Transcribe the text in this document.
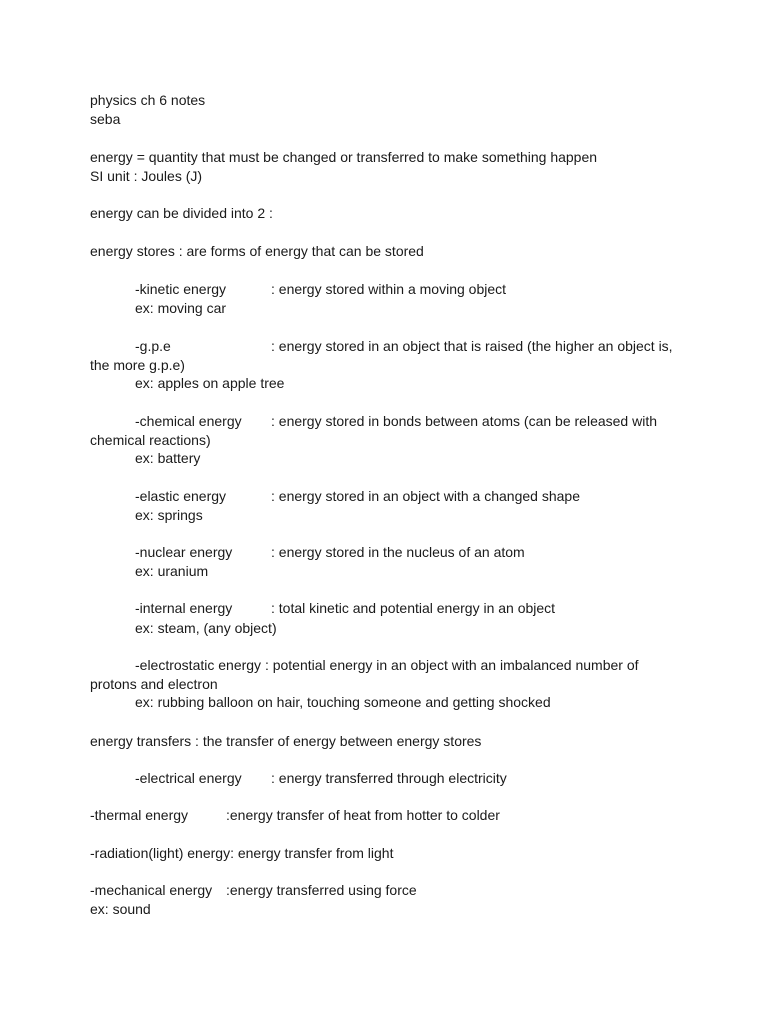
physics ch 6 notes
seba
energy = quantity that must be changed or transferred to make something happen
SI unit : Joules (J)
energy can be divided into 2 :
energy stores : are forms of energy that can be stored
-kinetic energy	: energy stored within a moving object
ex: moving car
-g.p.e	: energy stored in an object that is raised (the higher an object is,
the more g.p.e)
ex: apples on apple tree
-chemical energy : energy stored in bonds between atoms (can be released with
chemical reactions)
ex: battery
-elastic energy	: energy stored in an object with a changed shape
ex: springs
-nuclear energy	: energy stored in the nucleus of an atom
ex: uranium
-internal energy	: total kinetic and potential energy in an object
ex: steam, (any object)
-electrostatic energy : potential energy in an object with an imbalanced number of
protons and electron
ex: rubbing balloon on hair, touching someone and getting shocked
energy transfers : the transfer of energy between energy stores
-electrical energy : energy transferred through electricity
-thermal energy	:energy transfer of heat from hotter to colder
-radiation(light) energy: energy transfer from light
-mechanical energy :energy transferred using force
ex: sound
